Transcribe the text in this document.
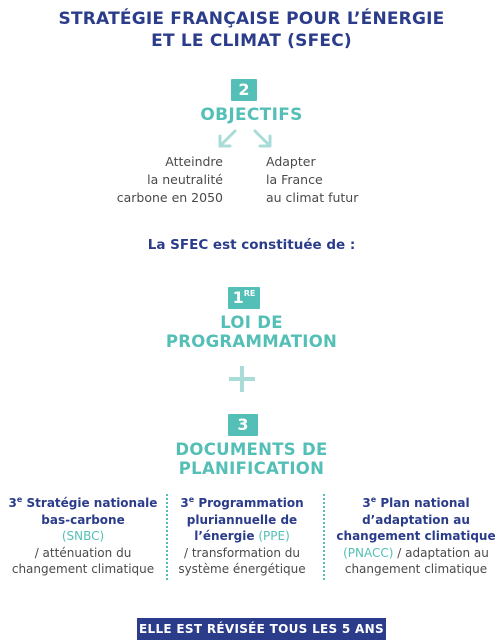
STRATÉGIE FRANÇAISE POUR L’ÉNERGIE
ET LE CLIMAT (SFEC)
2
OBJECTIFS
Atteindre
la neutralité
carbone en 2050
Adapter
la France
au climat futur
La SFEC est constituée de :
1RE
LOI DE
PROGRAMMATION
3
DOCUMENTS DE
PLANIFICATION
3e Stratégie nationale
bas-carbone
(SNBC)
/ atténuation du
changement climatique
3e Programmation
pluriannuelle de
l’énergie (PPE)
/ transformation du
système énergétique
3e Plan national
d’adaptation au
changement climatique
(PNACC) / adaptation au
changement climatique
ELLE EST RÉVISÉE TOUS LES 5 ANS
